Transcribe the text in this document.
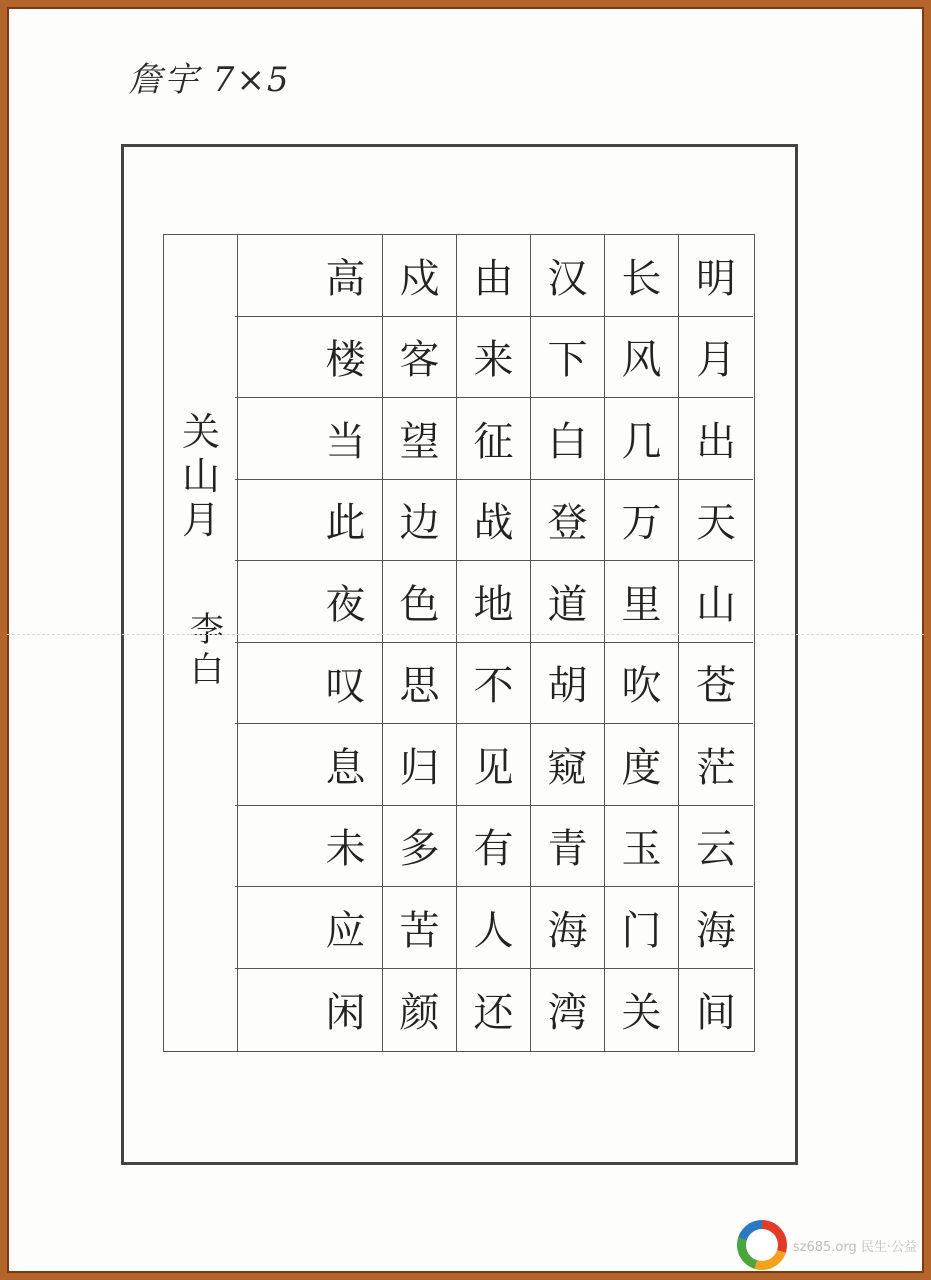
詹宇 7×5
关山月
李白
明
月
出
天
山
苍
茫
云
海
间
长
风
几
万
里
吹
度
玉
门
关
汉
下
白
登
道
胡
窥
青
海
湾
由
来
征
战
地
不
见
有
人
还
戍
客
望
边
色
思
归
多
苦
颜
高
楼
当
此
夜
叹
息
未
应
闲
sz685.org 民生·公益
